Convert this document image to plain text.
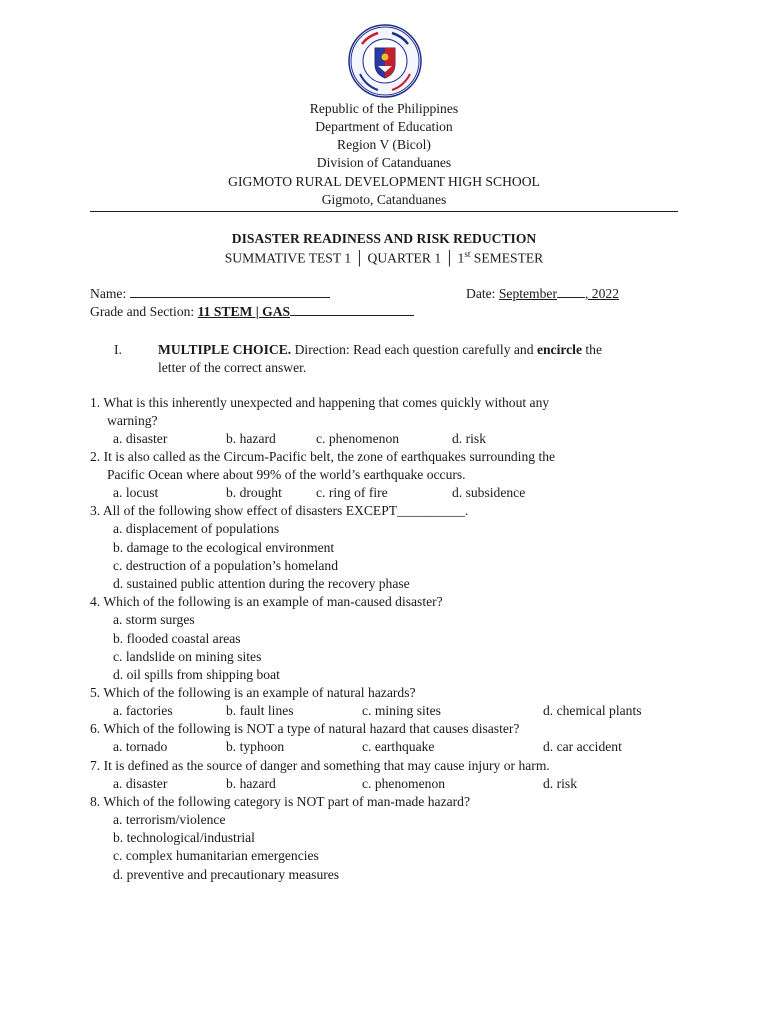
Republic of the Philippines
Department of Education
Region V (Bicol)
Division of Catanduanes
GIGMOTO RURAL DEVELOPMENT HIGH SCHOOL
Gigmoto, Catanduanes
DISASTER READINESS AND RISK REDUCTION
SUMMATIVE TEST 1 │ QUARTER 1 │ 1st SEMESTER
Name:	Date: September , 2022
Grade and Section: 11 STEM | GAS
I.	MULTIPLE CHOICE. Direction: Read each question carefully and encircle the
letter of the correct answer.
1. What is this inherently unexpected and happening that comes quickly without any
warning?
a. disaster	b. hazard	c. phenomenon	d. risk
2. It is also called as the Circum-Pacific belt, the zone of earthquakes surrounding the
Pacific Ocean where about 99% of the world’s earthquake occurs.
a. locust	b. drought	c. ring of fire	d. subsidence
3. All of the following show effect of disasters EXCEPT__________.
a. displacement of populations
b. damage to the ecological environment
c. destruction of a population’s homeland
d. sustained public attention during the recovery phase
4. Which of the following is an example of man-caused disaster?
a. storm surges
b. flooded coastal areas
c. landslide on mining sites
d. oil spills from shipping boat
5. Which of the following is an example of natural hazards?
a. factories	b. fault lines	c. mining sites	d. chemical plants
6. Which of the following is NOT a type of natural hazard that causes disaster?
a. tornado	b. typhoon	c. earthquake	d. car accident
7. It is defined as the source of danger and something that may cause injury or harm.
a. disaster	b. hazard	c. phenomenon	d. risk
8. Which of the following category is NOT part of man-made hazard?
a. terrorism/violence
b. technological/industrial
c. complex humanitarian emergencies
d. preventive and precautionary measures
